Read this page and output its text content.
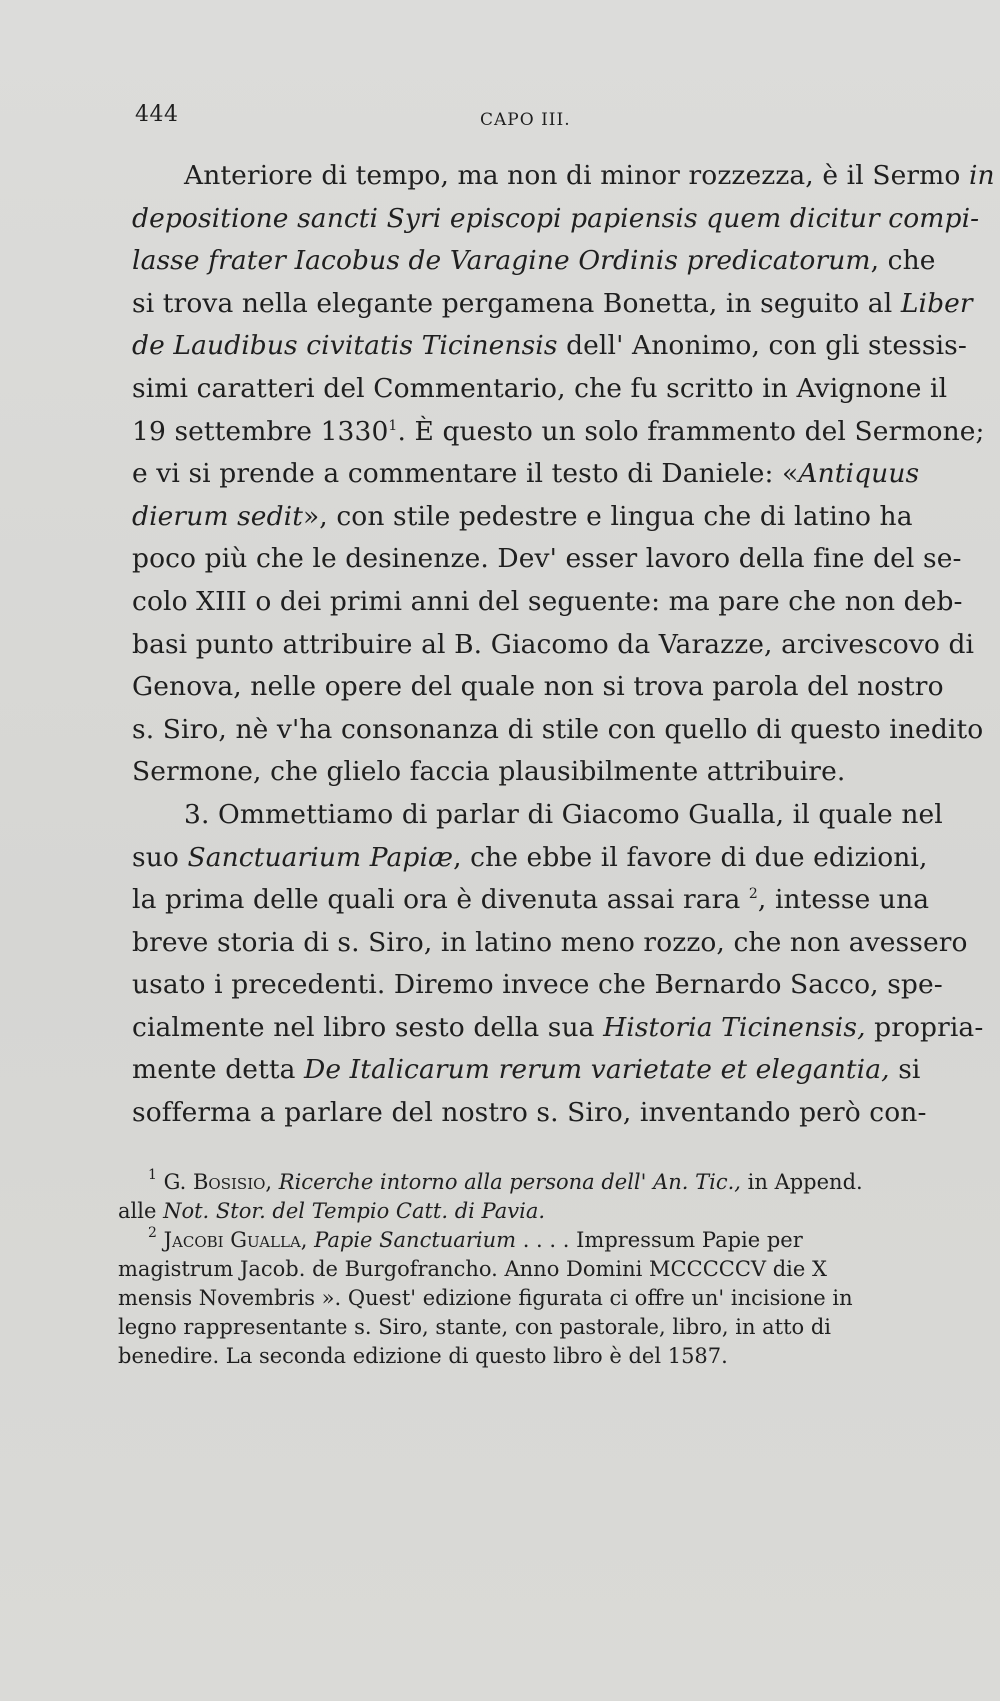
444	CAPO III.
Anteriore di tempo, ma non di minor rozzezza, è il Sermo in
depositione sancti Syri episcopi papiensis quem dicitur compi-
lasse frater Iacobus de Varagine Ordinis predicatorum, che
si trova nella elegante pergamena Bonetta, in seguito al Liber
de Laudibus civitatis Ticinensis dell' Anonimo, con gli stessis-
simi caratteri del Commentario, che fu scritto in Avignone il
19 settembre 1330$^1$. È questo un solo frammento del Sermone;
e vi si prende a commentare il testo di Daniele: «Antiquus
dierum sedit», con stile pedestre e lingua che di latino ha
poco più che le desinenze. Dev' esser lavoro della fine del se-
colo XIII o dei primi anni del seguente: ma pare che non deb-
basi punto attribuire al B. Giacomo da Varazze, arcivescovo di
Genova, nelle opere del quale non si trova parola del nostro
s. Siro, nè v'ha consonanza di stile con quello di questo inedito
Sermone, che glielo faccia plausibilmente attribuire.
3. Ommettiamo di parlar di Giacomo Gualla, il quale nel
suo Sanctuarium Papiæ, che ebbe il favore di due edizioni,
la prima delle quali ora è divenuta assai rara $^2$, intesse una
breve storia di s. Siro, in latino meno rozzo, che non avessero
usato i precedenti. Diremo invece che Bernardo Sacco, spe-
cialmente nel libro sesto della sua Historia Ticinensis, propria-
mente detta De Italicarum rerum varietate et elegantia, si
sofferma a parlare del nostro s. Siro, inventando però con-
$^1$ G. Bosisio, Ricerche intorno alla persona dell' An. Tic., in Append.
alle Not. Stor. del Tempio Catt. di Pavia.
$^2$ Jacobi Gualla, Papie Sanctuarium . . . . Impressum Papie per
magistrum Jacob. de Burgofrancho. Anno Domini MCCCCCV die X
mensis Novembris ». Quest' edizione figurata ci offre un' incisione in
legno rappresentante s. Siro, stante, con pastorale, libro, in atto di
benedire. La seconda edizione di questo libro è del 1587.
